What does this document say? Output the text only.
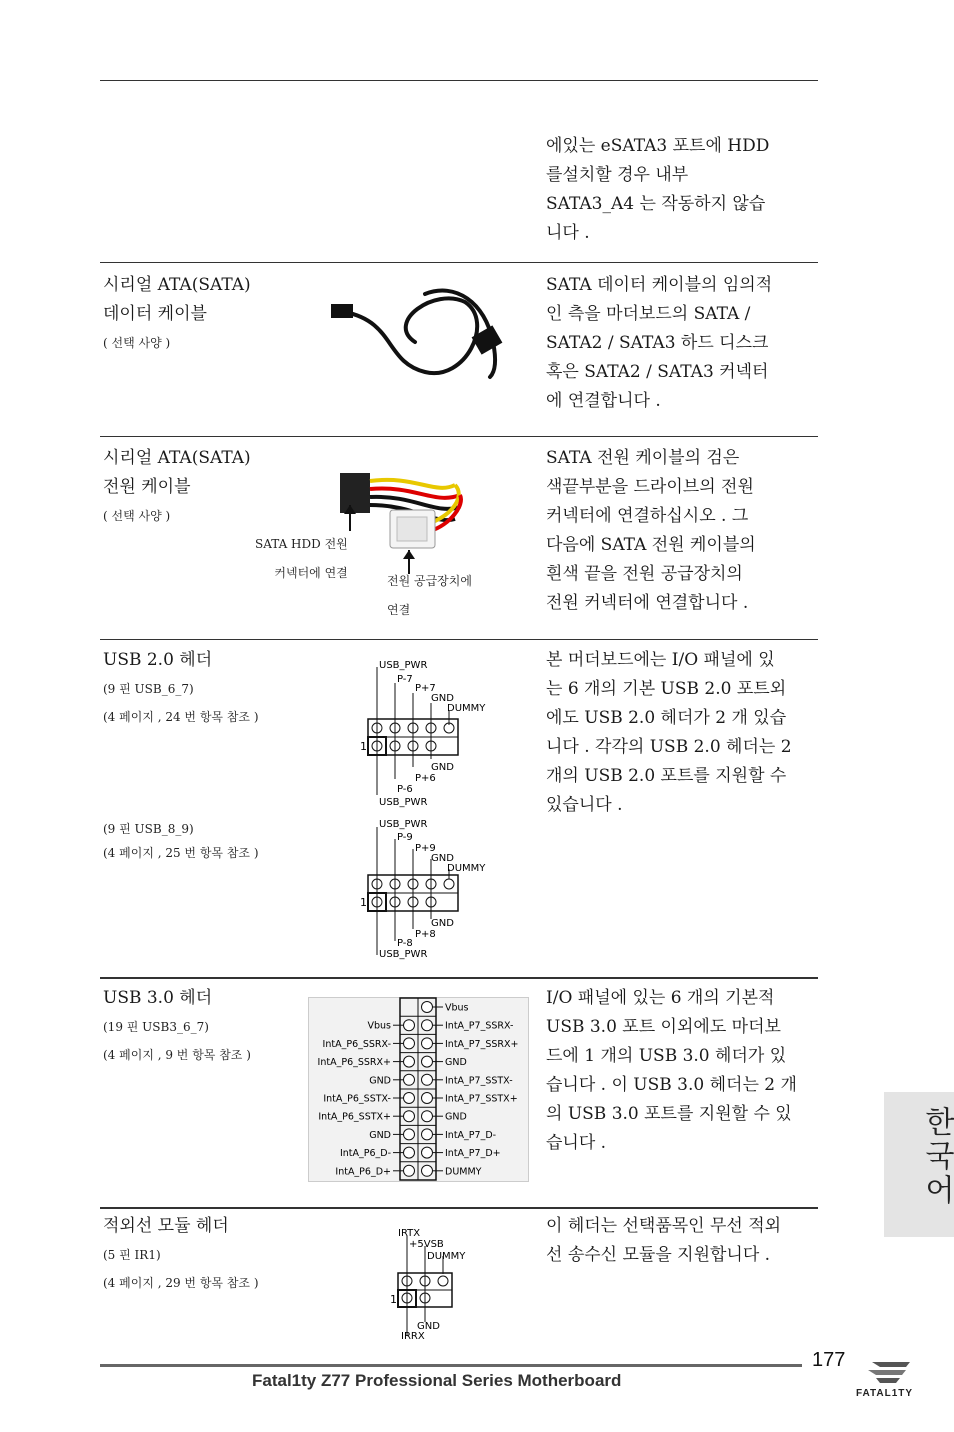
에있는 eSATA3 포트에 HDD
를설치할 경우 내부
SATA3_A4 는 작동하지 않습
니다 .
시리얼 ATA(SATA)
데이터 케이블
( 선택 사양 )
SATA 데이터 케이블의 임의적
인 측을 마더보드의 SATA /
SATA2 / SATA3 하드 디스크
혹은 SATA2 / SATA3 커넥터
에 연결합니다 .
시리얼 ATA(SATA)
전원 케이블
( 선택 사양 )
SATA HDD 전원
커넥터에 연결
전원 공급장치에
연결
SATA 전원 케이블의 검은
색끝부분을 드라이브의 전원
커넥터에 연결하십시오 . 그
다음에 SATA 전원 케이블의
흰색 끝을 전원 공급장치의
전원 커넥터에 연결합니다 .
USB 2.0 헤더
(9 핀 USB_6_7)
(4 페이지 , 24 번 항목 참조 )
(9 핀 USB_8_9)
(4 페이지 , 25 번 항목 참조 )
USB_PWR
P-7
P+7
GND
DUMMY
1
GND
P+6
P-6
USB_PWR
USB_PWR
P-9
P+9
GND
DUMMY
1
GND
P+8
P-8
USB_PWR
본 머더보드에는 I/O 패널에 있
는 6 개의 기본 USB 2.0 포트외
에도 USB 2.0 헤더가 2 개 있습
니다 . 각각의 USB 2.0 헤더는 2
개의 USB 2.0 포트를 지원할 수
있습니다 .
USB 3.0 헤더
(19 핀 USB3_6_7)
(4 페이지 , 9 번 항목 참조 )
Vbus
IntA_P7_SSRX-
IntA_P7_SSRX+
GND
IntA_P7_SSTX-
IntA_P7_SSTX+
GND
IntA_P7_D-
IntA_P7_D+
DUMMY
Vbus
IntA_P6_SSRX-
IntA_P6_SSRX+
GND
IntA_P6_SSTX-
IntA_P6_SSTX+
GND
IntA_P6_D-
IntA_P6_D+
I/O 패널에 있는 6 개의 기본적
USB 3.0 포트 이외에도 마더보
드에 1 개의 USB 3.0 헤더가 있
습니다 . 이 USB 3.0 헤더는 2 개
의 USB 3.0 포트를 지원할 수 있
습니다 .
적외선 모듈 헤더
(5 핀 IR1)
(4 페이지 , 29 번 항목 참조 )
IRTX
+5VSB
DUMMY
1
GND
IRRX
이 헤더는 선택품목인 무선 적외
선 송수신 모듈을 지원합니다 .
한국어
177
Fatal1ty Z77 Professional Series Motherboard
FATAL1TY
